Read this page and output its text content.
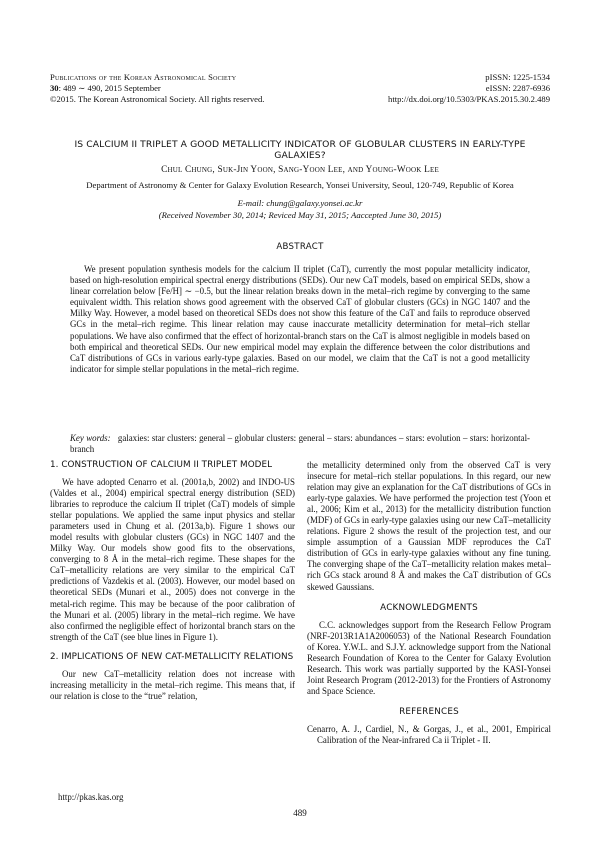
Publications of the Korean Astronomical Society	pISSN: 1225-1534
30: 489 ∼ 490, 2015 September	eISSN: 2287-6936
©2015. The Korean Astronomical Society. All rights reserved.	http://dx.doi.org/10.5303/PKAS.2015.30.2.489
IS CALCIUM II TRIPLET A GOOD METALLICITY INDICATOR OF GLOBULAR CLUSTERS IN EARLY-TYPE GALAXIES?
Chul Chung, Suk-Jin Yoon, Sang-Yoon Lee, and Young-Wook Lee
Department of Astronomy & Center for Galaxy Evolution Research, Yonsei University, Seoul, 120-749, Republic of Korea
E-mail: chung@galaxy.yonsei.ac.kr
(Received November 30, 2014; Reviced May 31, 2015; Aaccepted June 30, 2015)
ABSTRACT

We present population synthesis models for the calcium II triplet (CaT), currently the most popular metallicity indicator, based on high-resolution empirical spectral energy distributions (SEDs). Our new CaT models, based on empirical SEDs, show a linear correlation below [Fe/H] ∼ −0.5, but the linear relation breaks down in the metal–rich regime by converging to the same equivalent width. This relation shows good agreement with the observed CaT of globular clusters (GCs) in NGC 1407 and the Milky Way. However, a model based on theoretical SEDs does not show this feature of the CaT and fails to reproduce observed GCs in the metal–rich regime. This linear relation may cause inaccurate metallicity determination for metal–rich stellar populations. We have also confirmed that the effect of horizontal-branch stars on the CaT is almost negligible in models based on both empirical and theoretical SEDs. Our new empirical model may explain the difference between the color distributions and CaT distributions of GCs in various early-type galaxies. Based on our model, we claim that the CaT is not a good metallicity indicator for simple stellar populations in the metal–rich regime.

Key words: galaxies: star clusters: general – globular clusters: general – stars: abundances – stars: evolution – stars: horizontal-branch

1. CONSTRUCTION OF CALCIUM II TRIPLET MODEL

We have adopted Cenarro et al. (2001a,b, 2002) and INDO-US (Valdes et al., 2004) empirical spectral energy distribution (SED) libraries to reproduce the calcium II triplet (CaT) models of simple stellar populations. We applied the same input physics and stellar parameters used in Chung et al. (2013a,b). Figure 1 shows our model results with globular clusters (GCs) in NGC 1407 and the Milky Way. Our models show good fits to the observations, converging to 8 Å in the metal–rich regime. These shapes for the CaT–metallicity relations are very similar to the empirical CaT predictions of Vazdekis et al. (2003). However, our model based on theoretical SEDs (Munari et al., 2005) does not converge in the metal-rich regime. This may be because of the poor calibration of the Munari et al. (2005) library in the metal–rich regime. We have also confirmed the negligible effect of horizontal branch stars on the strength of the CaT (see blue lines in Figure 1).

2. IMPLICATIONS OF NEW CAT-METALLICITY RELATIONS

Our new CaT–metallicity relation does not increase with increasing metallicity in the metal–rich regime. This means that, if our relation is close to the “true” relation,

the metallicity determined only from the observed CaT is very insecure for metal–rich stellar populations. In this regard, our new relation may give an explanation for the CaT distributions of GCs in early-type galaxies. We have performed the projection test (Yoon et al., 2006; Kim et al., 2013) for the metallicity distribution function (MDF) of GCs in early-type galaxies using our new CaT–metallicity relations. Figure 2 shows the result of the projection test, and our simple assumption of a Gaussian MDF reproduces the CaT distribution of GCs in early-type galaxies without any fine tuning. The converging shape of the CaT–metallicity relation makes metal–rich GCs stack around 8 Å and makes the CaT distribution of GCs skewed Gaussians.

ACKNOWLEDGMENTS

C.C. acknowledges support from the Research Fellow Program (NRF-2013R1A1A2006053) of the National Research Foundation of Korea. Y.W.L. and S.J.Y. acknowledge support from the National Research Foundation of Korea to the Center for Galaxy Evolution Research. This work was partially supported by the KASI-Yonsei Joint Research Program (2012-2013) for the Frontiers of Astronomy and Space Science.

REFERENCES

Cenarro, A. J., Cardiel, N., & Gorgas, J., et al., 2001, Empirical Calibration of the Near-infrared Ca ii Triplet - II.

http://pkas.kas.org
489
